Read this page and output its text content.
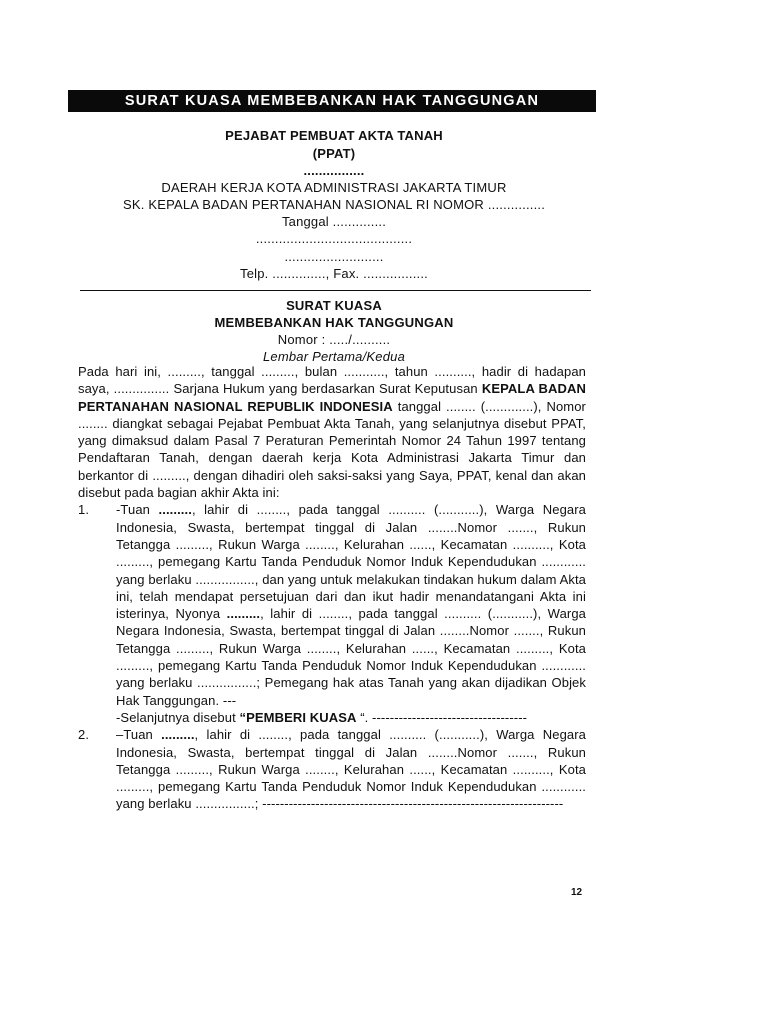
SURAT KUASA MEMBEBANKAN HAK TANGGUNGAN
PEJABAT PEMBUAT AKTA TANAH
(PPAT)
................
DAERAH KERJA KOTA ADMINISTRASI JAKARTA TIMUR
SK. KEPALA BADAN PERTANAHAN NASIONAL RI NOMOR ...............
Tanggal ..............
.........................................
..........................
Telp. .............., Fax. .................
SURAT KUASA
MEMBEBANKAN HAK TANGGUNGAN
Nomor : ...../..........
Lembar Pertama/Kedua
Pada hari ini, ........., tanggal ........., bulan ..........., tahun .........., hadir di hadapan saya, ............... Sarjana Hukum yang berdasarkan Surat Keputusan KEPALA BADAN PERTANAHAN NASIONAL REPUBLIK INDONESIA tanggal ........ (.............), Nomor ........ diangkat sebagai Pejabat Pembuat Akta Tanah, yang selanjutnya disebut PPAT, yang dimaksud dalam Pasal 7 Peraturan Pemerintah Nomor 24 Tahun 1997 tentang Pendaftaran Tanah, dengan daerah kerja Kota Administrasi Jakarta Timur dan berkantor di ........., dengan dihadiri oleh saksi-saksi yang Saya, PPAT, kenal dan akan disebut pada bagian akhir Akta ini:
1. -Tuan ........., lahir di ........, pada tanggal .......... (...........), Warga Negara Indonesia, Swasta, bertempat tinggal di Jalan ........Nomor ......., Rukun Tetangga ........., Rukun Warga ........, Kelurahan ......, Kecamatan .........., Kota ........., pemegang Kartu Tanda Penduduk Nomor Induk Kependudukan ............ yang berlaku ................, dan yang untuk melakukan tindakan hukum dalam Akta ini, telah mendapat persetujuan dari dan ikut hadir menandatangani Akta ini isterinya, Nyonya ........., lahir di ........, pada tanggal .......... (...........), Warga Negara Indonesia, Swasta, bertempat tinggal di Jalan ........Nomor ......., Rukun Tetangga ........., Rukun Warga ........, Kelurahan ......, Kecamatan ........., Kota ........., pemegang Kartu Tanda Penduduk Nomor Induk Kependudukan ............ yang berlaku ................; Pemegang hak atas Tanah yang akan dijadikan Objek Hak Tanggungan. ---
-Selanjutnya disebut “PEMBERI KUASA “. -----------------------------------
2. –Tuan ........., lahir di ........, pada tanggal .......... (...........), Warga Negara Indonesia, Swasta, bertempat tinggal di Jalan ........Nomor ......., Rukun Tetangga ........., Rukun Warga ........, Kelurahan ......, Kecamatan .........., Kota ........., pemegang Kartu Tanda Penduduk Nomor Induk Kependudukan ............ yang berlaku ................; --------------------------------------------------------------------
12
